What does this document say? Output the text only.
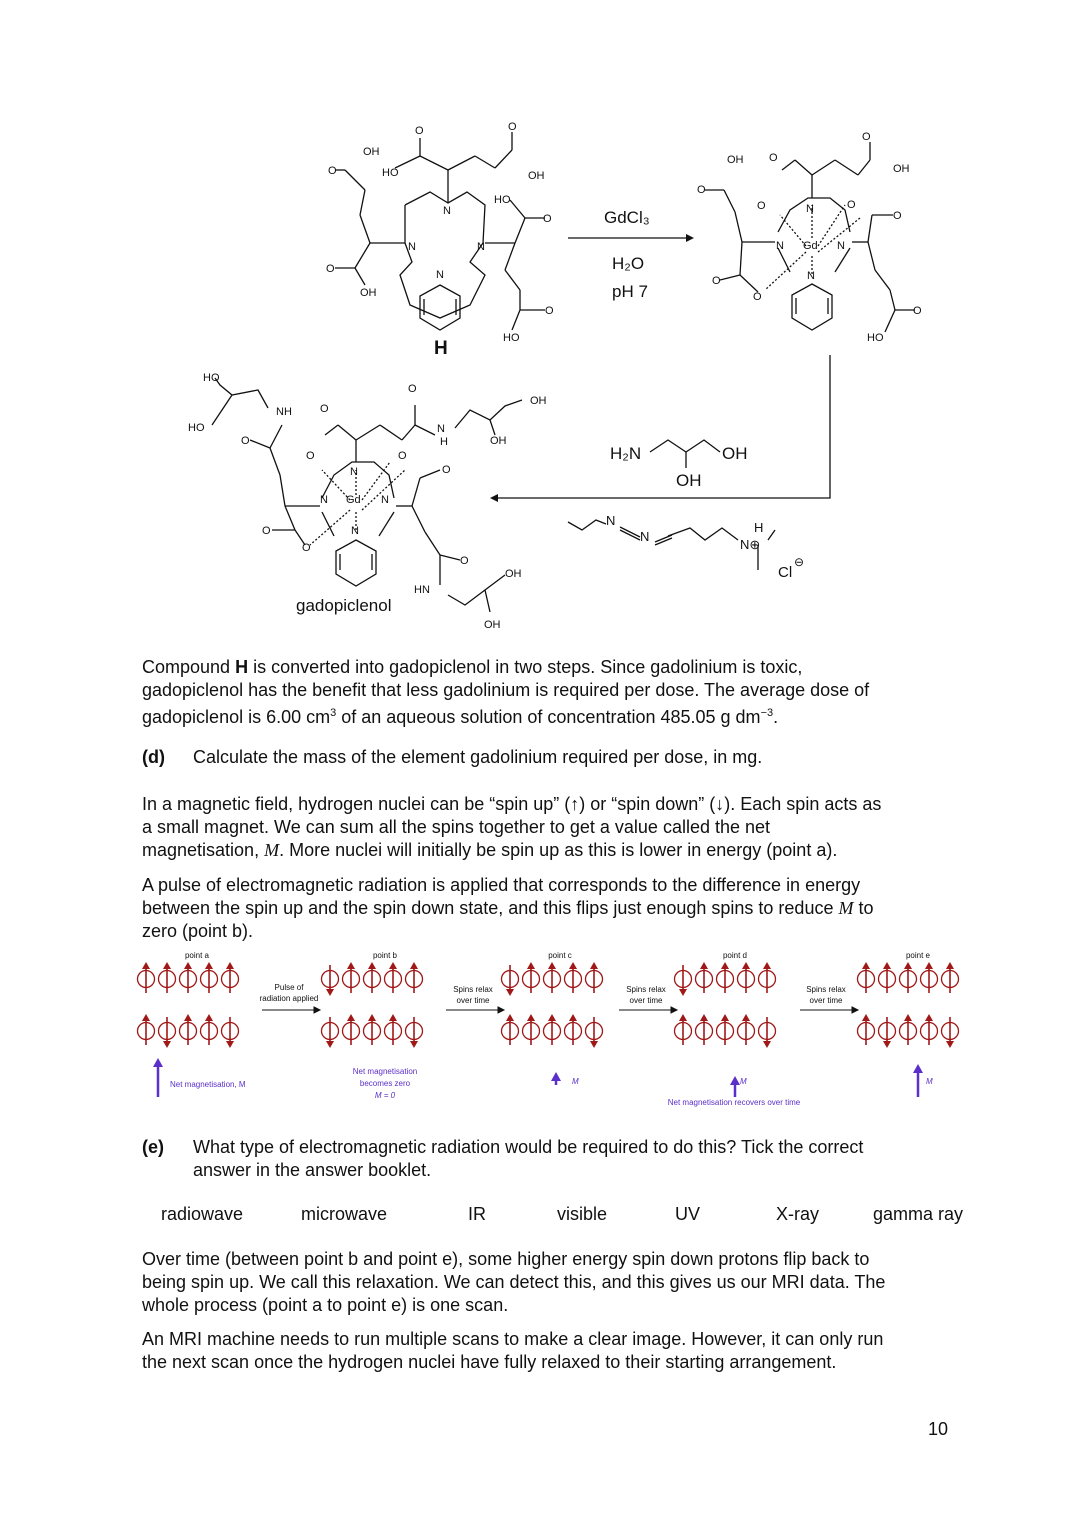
OH
HO
O	O
OH
HO
O
O
O
OH
N
N	N
N
O
HO
H
GdCl₃
H₂O
pH 7
OH O
O
OH
O
O	N	O
O
N Gd N
N
O
O
O
HO
H₂N	OH
OH
N
N
H
N⊕
Cl
⊖
HO
HO
NH	O
O
O
N
H
OH
OH
O
N
O
O
N Gd N
N
O
O
O
OH
HN
OH
gadopiclenol

Compound H is converted into gadopiclenol in two steps. Since gadolinium is toxic,
gadopiclenol has the benefit that less gadolinium is required per dose. The average dose of
gadopiclenol is 6.00 $cm^3$ of an aqueous solution of concentration 485.05 g $dm^{-3}$.

(d) Calculate the mass of the element gadolinium required per dose, in mg.

In a magnetic field, hydrogen nuclei can be “spin up” (↑) or “spin down” (↓). Each spin acts as
a small magnet. We can sum all the spins together to get a value called the net
magnetisation, M. More nuclei will initially be spin up as this is lower in energy (point a).

A pulse of electromagnetic radiation is applied that corresponds to the difference in energy
between the spin up and the spin down state, and this flips just enough spins to reduce M to
zero (point b).

point a	point b	point c	point d	point e
Pulse of
radiation applied
Spins relax
over time
Spins relax
over time
Spins relax
over time
Net magnetisation, M
Net magnetisation
becomes zero
M = 0
M	M	M
Net magnetisation recovers over time
(e) What type of electromagnetic radiation would be required to do this? Tick the correct
answer in the answer booklet.
radiowave	microwave	IR	visible	UV	X-ray	gamma ray

Over time (between point b and point e), some higher energy spin down protons flip back to
being spin up. We call this relaxation. We can detect this, and this gives us our MRI data. The
whole process (point a to point e) is one scan.

An MRI machine needs to run multiple scans to make a clear image. However, it can only run
the next scan once the hydrogen nuclei have fully relaxed to their starting arrangement.

10
